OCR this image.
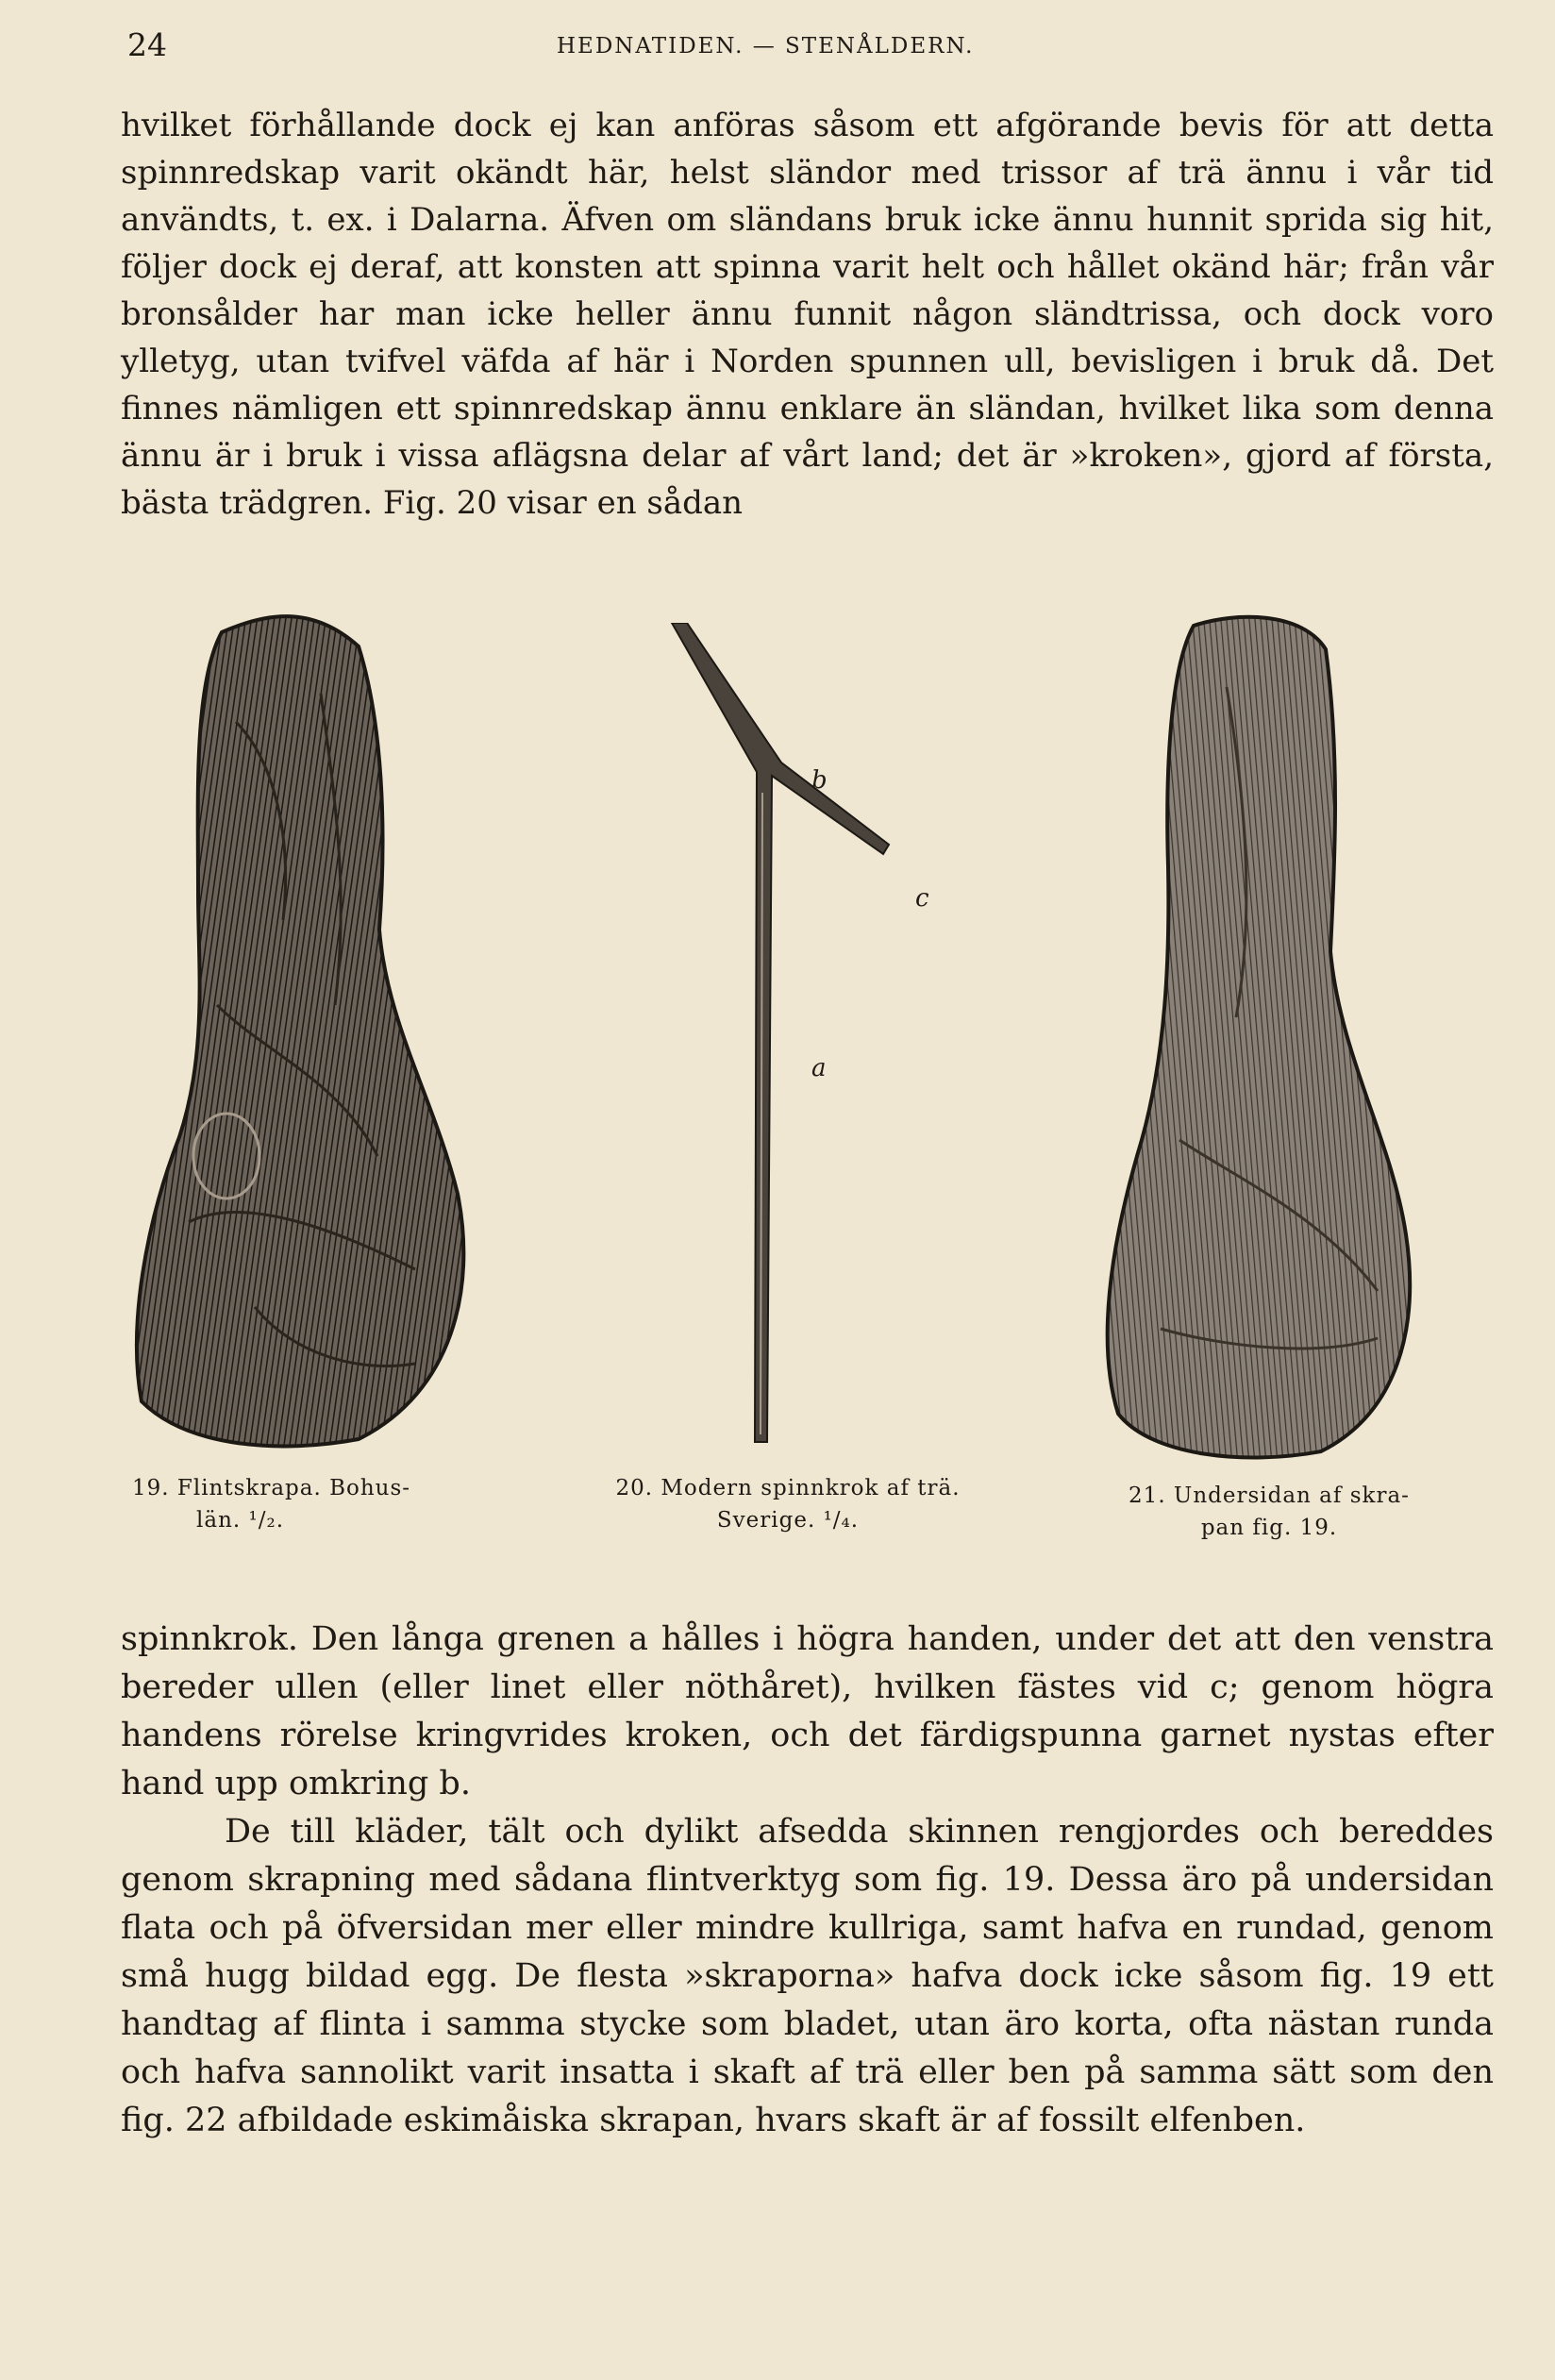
24	HEDNATIDEN. — STENÅLDERN.

hvilket förhållande dock ej kan anföras såsom ett afgörande bevis för att detta spinnredskap varit okändt här, helst sländor med trissor af trä ännu i vår tid användts, t. ex. i Dalarna. Äfven om sländans bruk icke ännu hunnit sprida sig hit, följer dock ej deraf, att konsten att spinna varit helt och hållet okänd här; från vår bronsålder har man icke heller ännu funnit någon sländtrissa, och dock voro ylletyg, utan tvifvel väfda af här i Norden spunnen ull, bevisligen i bruk då. Det finnes nämligen ett spinnredskap ännu enklare än sländan, hvilket lika som denna ännu är i bruk i vissa aflägsna delar af vårt land; det är »kroken», gjord af första, bästa trädgren. Fig. 20 visar en sådan

b
c
a
19. Flintskrapa. Bohus-

län. ¹/₂.
20. Modern spinnkrok af trä.
Sverige. ¹/₄.
21. Undersidan af skra-
pan fig. 19.

spinnkrok. Den långa grenen a hålles i högra handen, under det att den venstra bereder ullen (eller linet eller nöthåret), hvilken fästes vid c; genom högra handens rörelse kringvrides kroken, och det färdigspunna garnet nystas efter hand upp omkring b.

De till kläder, tält och dylikt afsedda skinnen rengjordes och bereddes genom skrapning med sådana flintverktyg som fig. 19. Dessa äro på undersidan flata och på öfversidan mer eller mindre kullriga, samt hafva en rundad, genom små hugg bildad egg. De flesta »skraporna» hafva dock icke såsom fig. 19 ett handtag af flinta i samma stycke som bladet, utan äro korta, ofta nästan runda och hafva sannolikt varit insatta i skaft af trä eller ben på samma sätt som den fig. 22 afbildade eskimåiska skrapan, hvars skaft är af fossilt elfenben.
